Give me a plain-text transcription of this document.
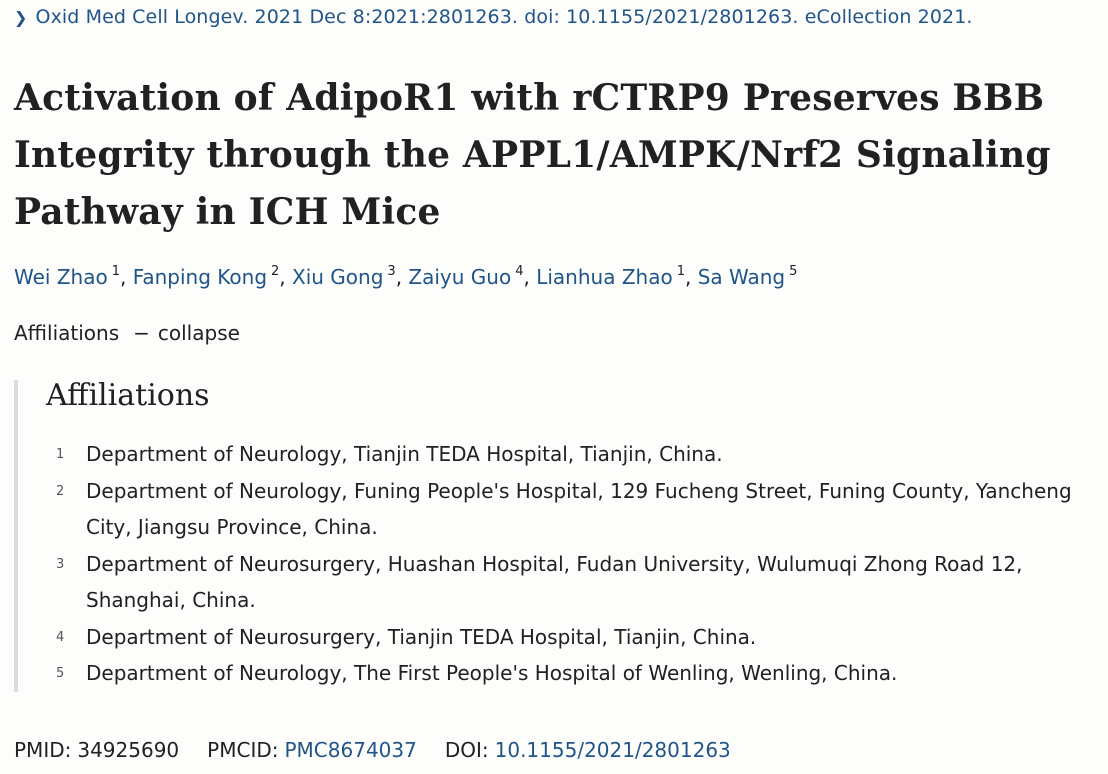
❯ Oxid Med Cell Longev. 2021 Dec 8:2021:2801263. doi: 10.1155/2021/2801263. eCollection 2021.
Activation of AdipoR1 with rCTRP9 Preserves BBB Integrity through the APPL1/AMPK/Nrf2 Signaling Pathway in ICH Mice
Wei Zhao $^1$, Fanping Kong $^2$, Xiu Gong $^3$, Zaiyu Guo $^4$, Lianhua Zhao $^1$, Sa Wang $^5$
Affiliations − collapse
Affiliations
1 Department of Neurology, Tianjin TEDA Hospital, Tianjin, China.
2 Department of Neurology, Funing People's Hospital, 129 Fucheng Street, Funing County, Yancheng City, Jiangsu Province, China.
3 Department of Neurosurgery, Huashan Hospital, Fudan University, Wulumuqi Zhong Road 12, Shanghai, China.
4 Department of Neurosurgery, Tianjin TEDA Hospital, Tianjin, China.
5 Department of Neurology, The First People's Hospital of Wenling, Wenling, China.
PMID: 34925690 PMCID: PMC8674037 DOI: 10.1155/2021/2801263
